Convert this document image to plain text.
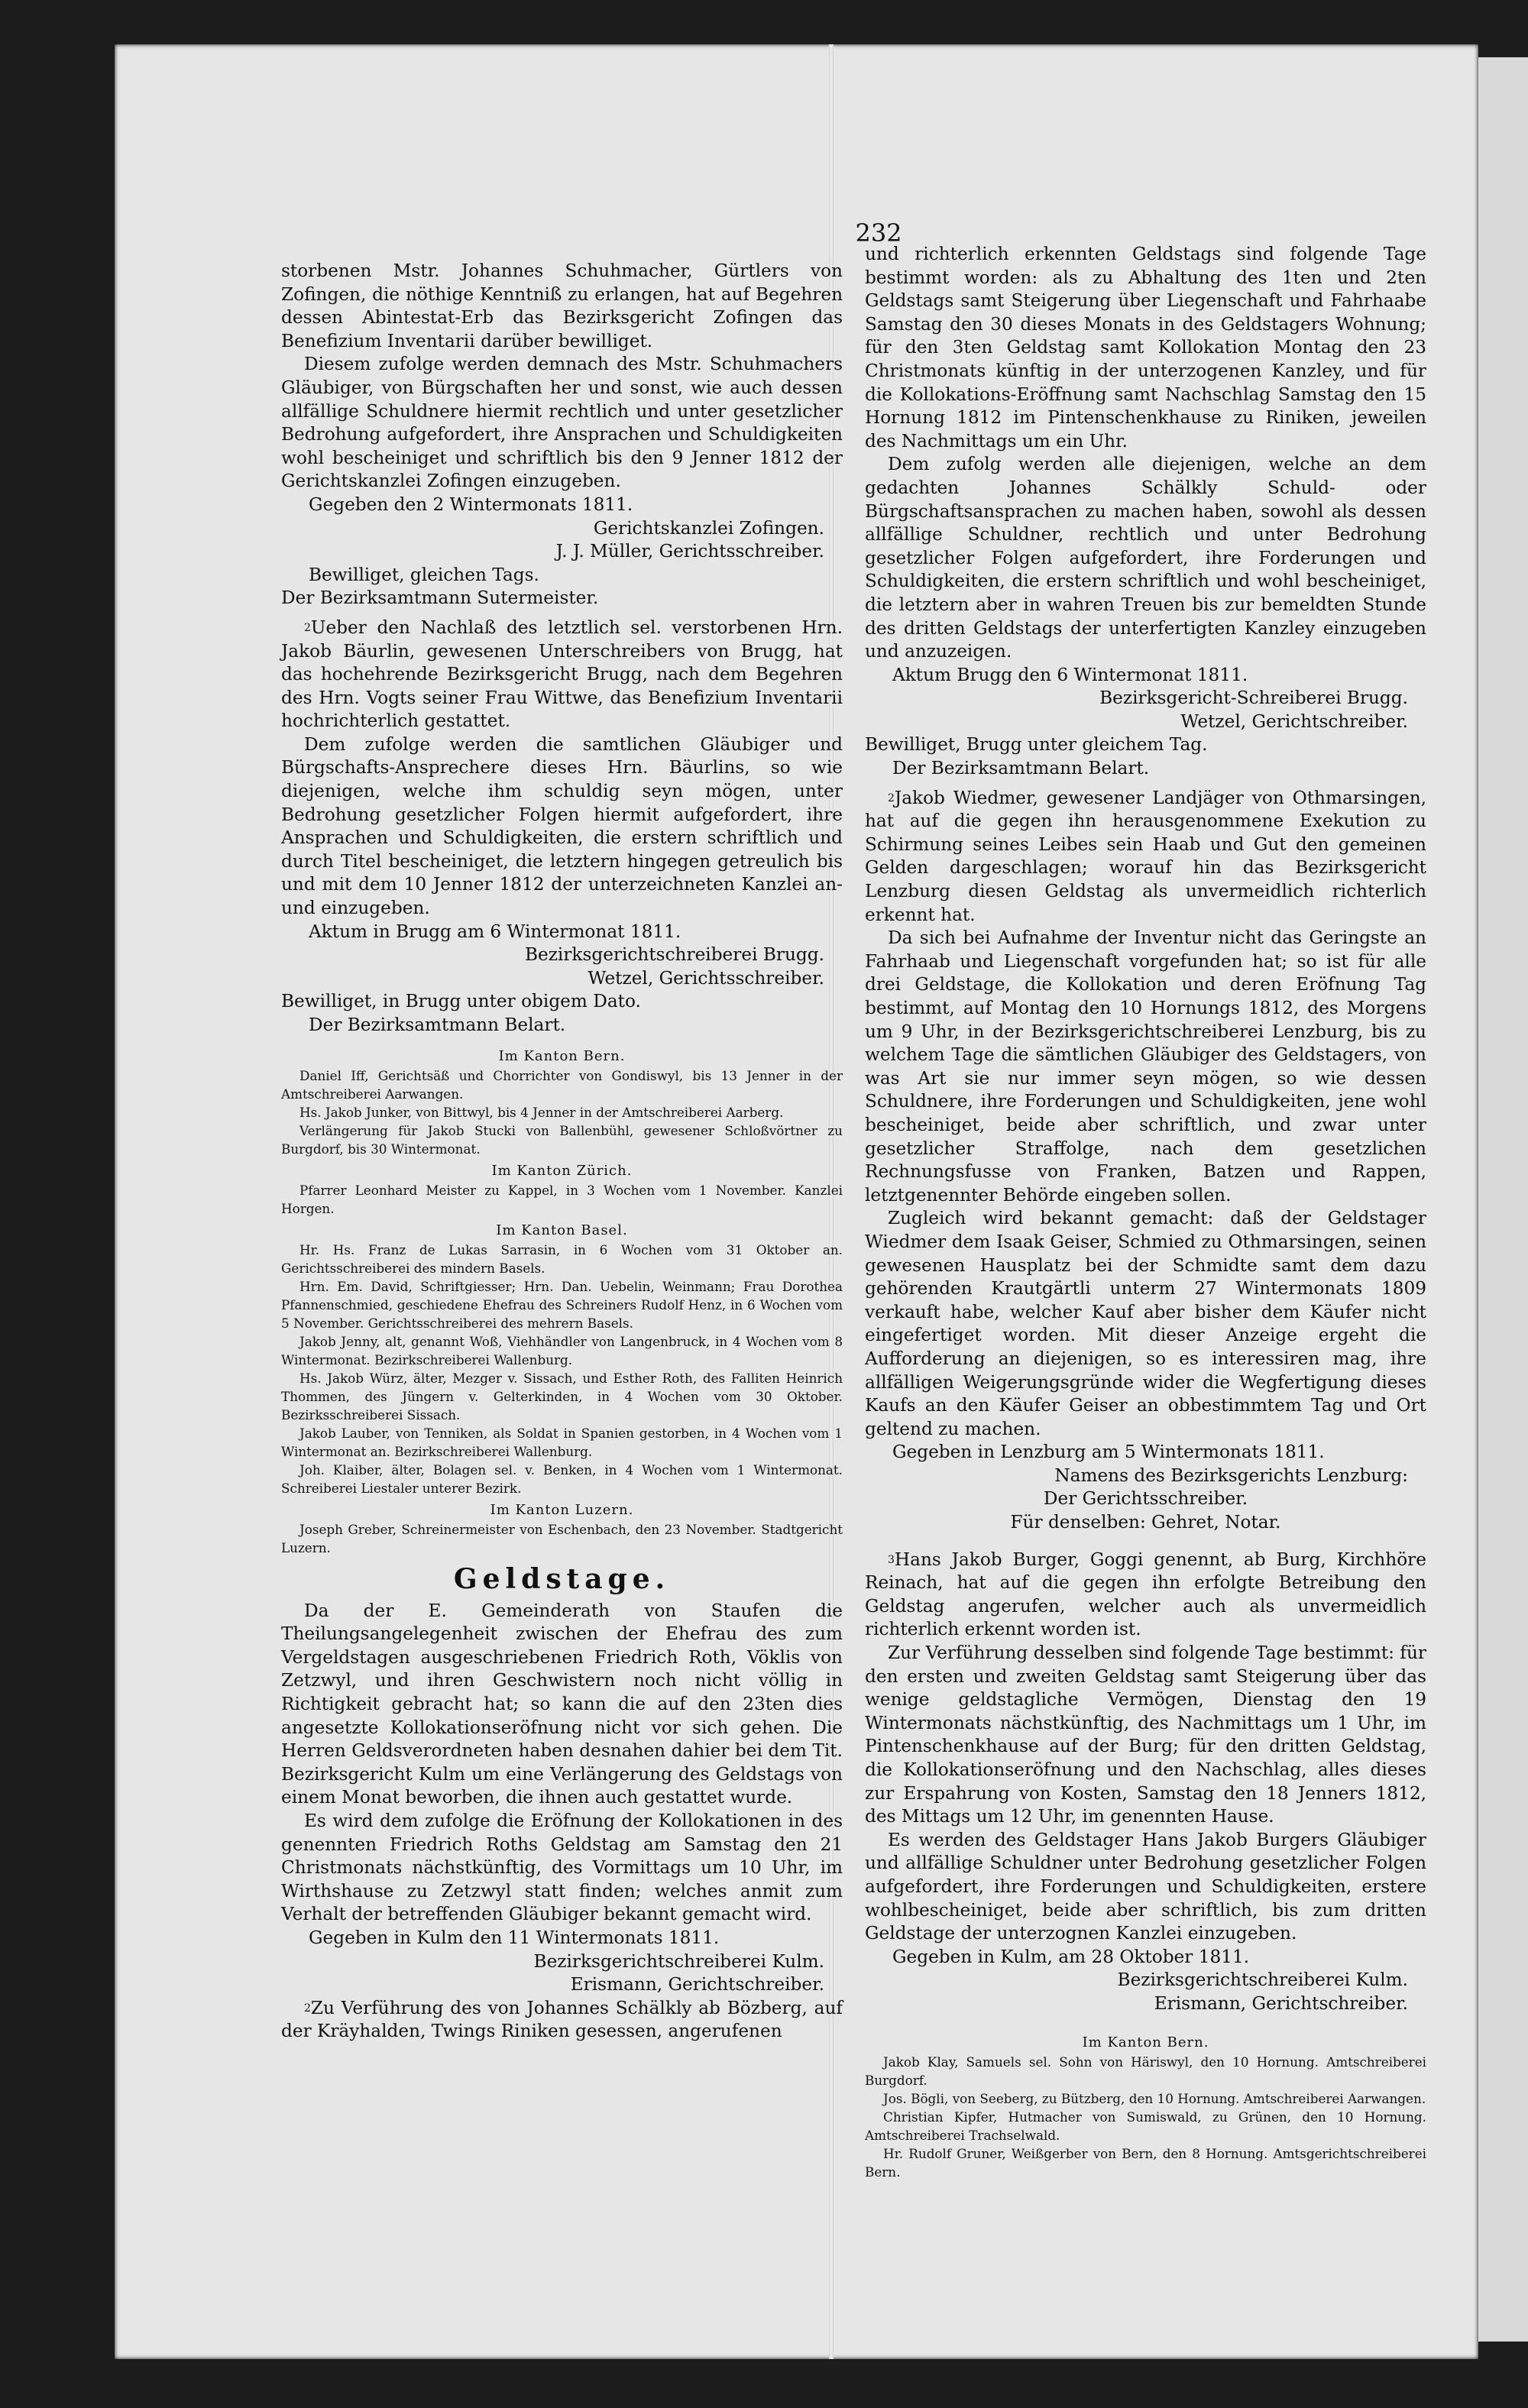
232

storbenen Mstr. Johannes Schuhmacher, Gürtlers von Zofingen, die nöthige Kenntniß zu erlangen, hat auf Begehren dessen Abintestat-Erb das Bezirksgericht Zofingen das Benefizium Inventarii darüber bewilliget.
Diesem zufolge werden demnach des Mstr. Schuhmachers Gläubiger, von Bürgschaften her und sonst, wie auch dessen allfällige Schuldnere hiermit rechtlich und unter gesetzlicher Bedrohung aufgefordert, ihre Ansprachen und Schuldigkeiten wohl bescheiniget und schriftlich bis den 9 Jenner 1812 der Gerichtskanzlei Zofingen einzugeben.

Gegeben den 2 Wintermonats 1811.

Gerichtskanzlei Zofingen.

J. J. Müller, Gerichtsschreiber.

Bewilliget, gleichen Tags.

Der Bezirksamtmann Sutermeister.

$^2$Ueber den Nachlaß des letztlich sel. verstorbenen Hrn. Jakob Bäurlin, gewesenen Unterschreibers von Brugg, hat das hochehrende Bezirksgericht Brugg, nach dem Begehren des Hrn. Vogts seiner Frau Wittwe, das Benefizium Inventarii hochrichterlich gestattet.
Dem zufolge werden die samtlichen Gläubiger und Bürgschafts-Ansprechere dieses Hrn. Bäurlins, so wie diejenigen, welche ihm schuldig seyn mögen, unter Bedrohung gesetzlicher Folgen hiermit aufgefordert, ihre Ansprachen und Schuldigkeiten, die erstern schriftlich und durch Titel bescheiniget, die letztern hingegen getreulich bis und mit dem 10 Jenner 1812 der unterzeichneten Kanzlei an- und einzugeben.

Aktum in Brugg am 6 Wintermonat 1811.

Bezirksgerichtschreiberei Brugg.

Wetzel, Gerichtsschreiber.

Bewilliget, in Brugg unter obigem Dato.

Der Bezirksamtmann Belart.

Im Kanton Bern.

Daniel Iff, Gerichtsäß und Chorrichter von Gondiswyl, bis 13 Jenner in der Amtschreiberei Aarwangen.

Hs. Jakob Junker, von Bittwyl, bis 4 Jenner in der Amtschreiberei Aarberg.

Verlängerung für Jakob Stucki von Ballenbühl, gewesener Schloßvörtner zu Burgdorf, bis 30 Wintermonat.

Im Kanton Zürich.

Pfarrer Leonhard Meister zu Kappel, in 3 Wochen vom 1 November. Kanzlei Horgen.

Im Kanton Basel.

Hr. Hs. Franz de Lukas Sarrasin, in 6 Wochen vom 31 Oktober an. Gerichtsschreiberei des mindern Basels.

Hrn. Em. David, Schriftgiesser; Hrn. Dan. Uebelin, Weinmann; Frau Dorothea Pfannenschmied, geschiedene Ehefrau des Schreiners Rudolf Henz, in 6 Wochen vom 5 November. Gerichtsschreiberei des mehrern Basels.

Jakob Jenny, alt, genannt Woß, Viehhändler von Langenbruck, in 4 Wochen vom 8 Wintermonat. Bezirkschreiberei Wallenburg.

Hs. Jakob Würz, älter, Mezger v. Sissach, und Esther Roth, des Falliten Heinrich Thommen, des Jüngern v. Gelterkinden, in 4 Wochen vom 30 Oktober. Bezirksschreiberei Sissach.

Jakob Lauber, von Tenniken, als Soldat in Spanien gestorben, in 4 Wochen vom 1 Wintermonat an. Bezirkschreiberei Wallenburg.

Joh. Klaiber, älter, Bolagen sel. v. Benken, in 4 Wochen vom 1 Wintermonat. Schreiberei Liestaler unterer Bezirk.

Im Kanton Luzern.

Joseph Greber, Schreinermeister von Eschenbach, den 23 November. Stadtgericht Luzern.

Geldstage.

Da der E. Gemeinderath von Staufen die Theilungsangelegenheit zwischen der Ehefrau des zum Vergeldstagen ausgeschriebenen Friedrich Roth, Vöklis von Zetzwyl, und ihren Geschwistern noch nicht völlig in Richtigkeit gebracht hat; so kann die auf den 23ten dies angesetzte Kollokationseröfnung nicht vor sich gehen. Die Herren Geldsverordneten haben desnahen dahier bei dem Tit. Bezirksgericht Kulm um eine Verlängerung des Geldstags von einem Monat beworben, die ihnen auch gestattet wurde.
Es wird dem zufolge die Eröfnung der Kollokationen in des genennten Friedrich Roths Geldstag am Samstag den 21 Christmonats nächstkünftig, des Vormittags um 10 Uhr, im Wirthshause zu Zetzwyl statt finden; welches anmit zum Verhalt der betreffenden Gläubiger bekannt gemacht wird.

Gegeben in Kulm den 11 Wintermonats 1811.

Bezirksgerichtschreiberei Kulm.

Erismann, Gerichtschreiber.

$^2$Zu Verführung des von Johannes Schälkly ab Bözberg, auf der Kräyhalden, Twings Riniken gesessen, angerufenen

und richterlich erkennten Geldstags sind folgende Tage bestimmt worden: als zu Abhaltung des 1ten und 2ten Geldstags samt Steigerung über Liegenschaft und Fahrhaabe Samstag den 30 dieses Monats in des Geldstagers Wohnung; für den 3ten Geldstag samt Kollokation Montag den 23 Christmonats künftig in der unterzogenen Kanzley, und für die Kollokations-Eröffnung samt Nachschlag Samstag den 15 Hornung 1812 im Pintenschenkhause zu Riniken, jeweilen des Nachmittags um ein Uhr.
Dem zufolg werden alle diejenigen, welche an dem gedachten Johannes Schälkly Schuld- oder Bürgschaftsansprachen zu machen haben, sowohl als dessen allfällige Schuldner, rechtlich und unter Bedrohung gesetzlicher Folgen aufgefordert, ihre Forderungen und Schuldigkeiten, die erstern schriftlich und wohl bescheiniget, die letztern aber in wahren Treuen bis zur bemeldten Stunde des dritten Geldstags der unterfertigten Kanzley einzugeben und anzuzeigen.

Aktum Brugg den 6 Wintermonat 1811.

Bezirksgericht-Schreiberei Brugg.

Wetzel, Gerichtschreiber.

Bewilliget, Brugg unter gleichem Tag.

Der Bezirksamtmann Belart.

$^2$Jakob Wiedmer, gewesener Landjäger von Othmarsingen, hat auf die gegen ihn herausgenommene Exekution zu Schirmung seines Leibes sein Haab und Gut den gemeinen Gelden dargeschlagen; worauf hin das Bezirksgericht Lenzburg diesen Geldstag als unvermeidlich richterlich erkennt hat.
Da sich bei Aufnahme der Inventur nicht das Geringste an Fahrhaab und Liegenschaft vorgefunden hat; so ist für alle drei Geldstage, die Kollokation und deren Eröfnung Tag bestimmt, auf Montag den 10 Hornungs 1812, des Morgens um 9 Uhr, in der Bezirksgerichtschreiberei Lenzburg, bis zu welchem Tage die sämtlichen Gläubiger des Geldstagers, von was Art sie nur immer seyn mögen, so wie dessen Schuldnere, ihre Forderungen und Schuldigkeiten, jene wohl bescheiniget, beide aber schriftlich, und zwar unter gesetzlicher Straffolge, nach dem gesetzlichen Rechnungsfusse von Franken, Batzen und Rappen, letztgenennter Behörde eingeben sollen.
Zugleich wird bekannt gemacht: daß der Geldstager Wiedmer dem Isaak Geiser, Schmied zu Othmarsingen, seinen gewesenen Hausplatz bei der Schmidte samt dem dazu gehörenden Krautgärtli unterm 27 Wintermonats 1809 verkauft habe, welcher Kauf aber bisher dem Käufer nicht eingefertiget worden. Mit dieser Anzeige ergeht die Aufforderung an diejenigen, so es interessiren mag, ihre allfälligen Weigerungsgründe wider die Wegfertigung dieses Kaufs an den Käufer Geiser an obbestimmtem Tag und Ort geltend zu machen.

Gegeben in Lenzburg am 5 Wintermonats 1811.

Namens des Bezirksgerichts Lenzburg:

Der Gerichtsschreiber.

Für denselben: Gehret, Notar.

$^3$Hans Jakob Burger, Goggi genennt, ab Burg, Kirchhöre Reinach, hat auf die gegen ihn erfolgte Betreibung den Geldstag angerufen, welcher auch als unvermeidlich richterlich erkennt worden ist.
Zur Verführung desselben sind folgende Tage bestimmt: für den ersten und zweiten Geldstag samt Steigerung über das wenige geldstagliche Vermögen, Dienstag den 19 Wintermonats nächstkünftig, des Nachmittags um 1 Uhr, im Pintenschenkhause auf der Burg; für den dritten Geldstag, die Kollokationseröfnung und den Nachschlag, alles dieses zur Erspahrung von Kosten, Samstag den 18 Jenners 1812, des Mittags um 12 Uhr, im genennten Hause.
Es werden des Geldstager Hans Jakob Burgers Gläubiger und allfällige Schuldner unter Bedrohung gesetzlicher Folgen aufgefordert, ihre Forderungen und Schuldigkeiten, erstere wohlbescheiniget, beide aber schriftlich, bis zum dritten Geldstage der unterzognen Kanzlei einzugeben.

Gegeben in Kulm, am 28 Oktober 1811.

Bezirksgerichtschreiberei Kulm.

Erismann, Gerichtschreiber.

Im Kanton Bern.

Jakob Klay, Samuels sel. Sohn von Häriswyl, den 10 Hornung. Amtschreiberei Burgdorf.

Jos. Bögli, von Seeberg, zu Bützberg, den 10 Hornung. Amtschreiberei Aarwangen.

Christian Kipfer, Hutmacher von Sumiswald, zu Grünen, den 10 Hornung. Amtschreiberei Trachselwald.

Hr. Rudolf Gruner, Weißgerber von Bern, den 8 Hornung. Amtsgerichtschreiberei Bern.
